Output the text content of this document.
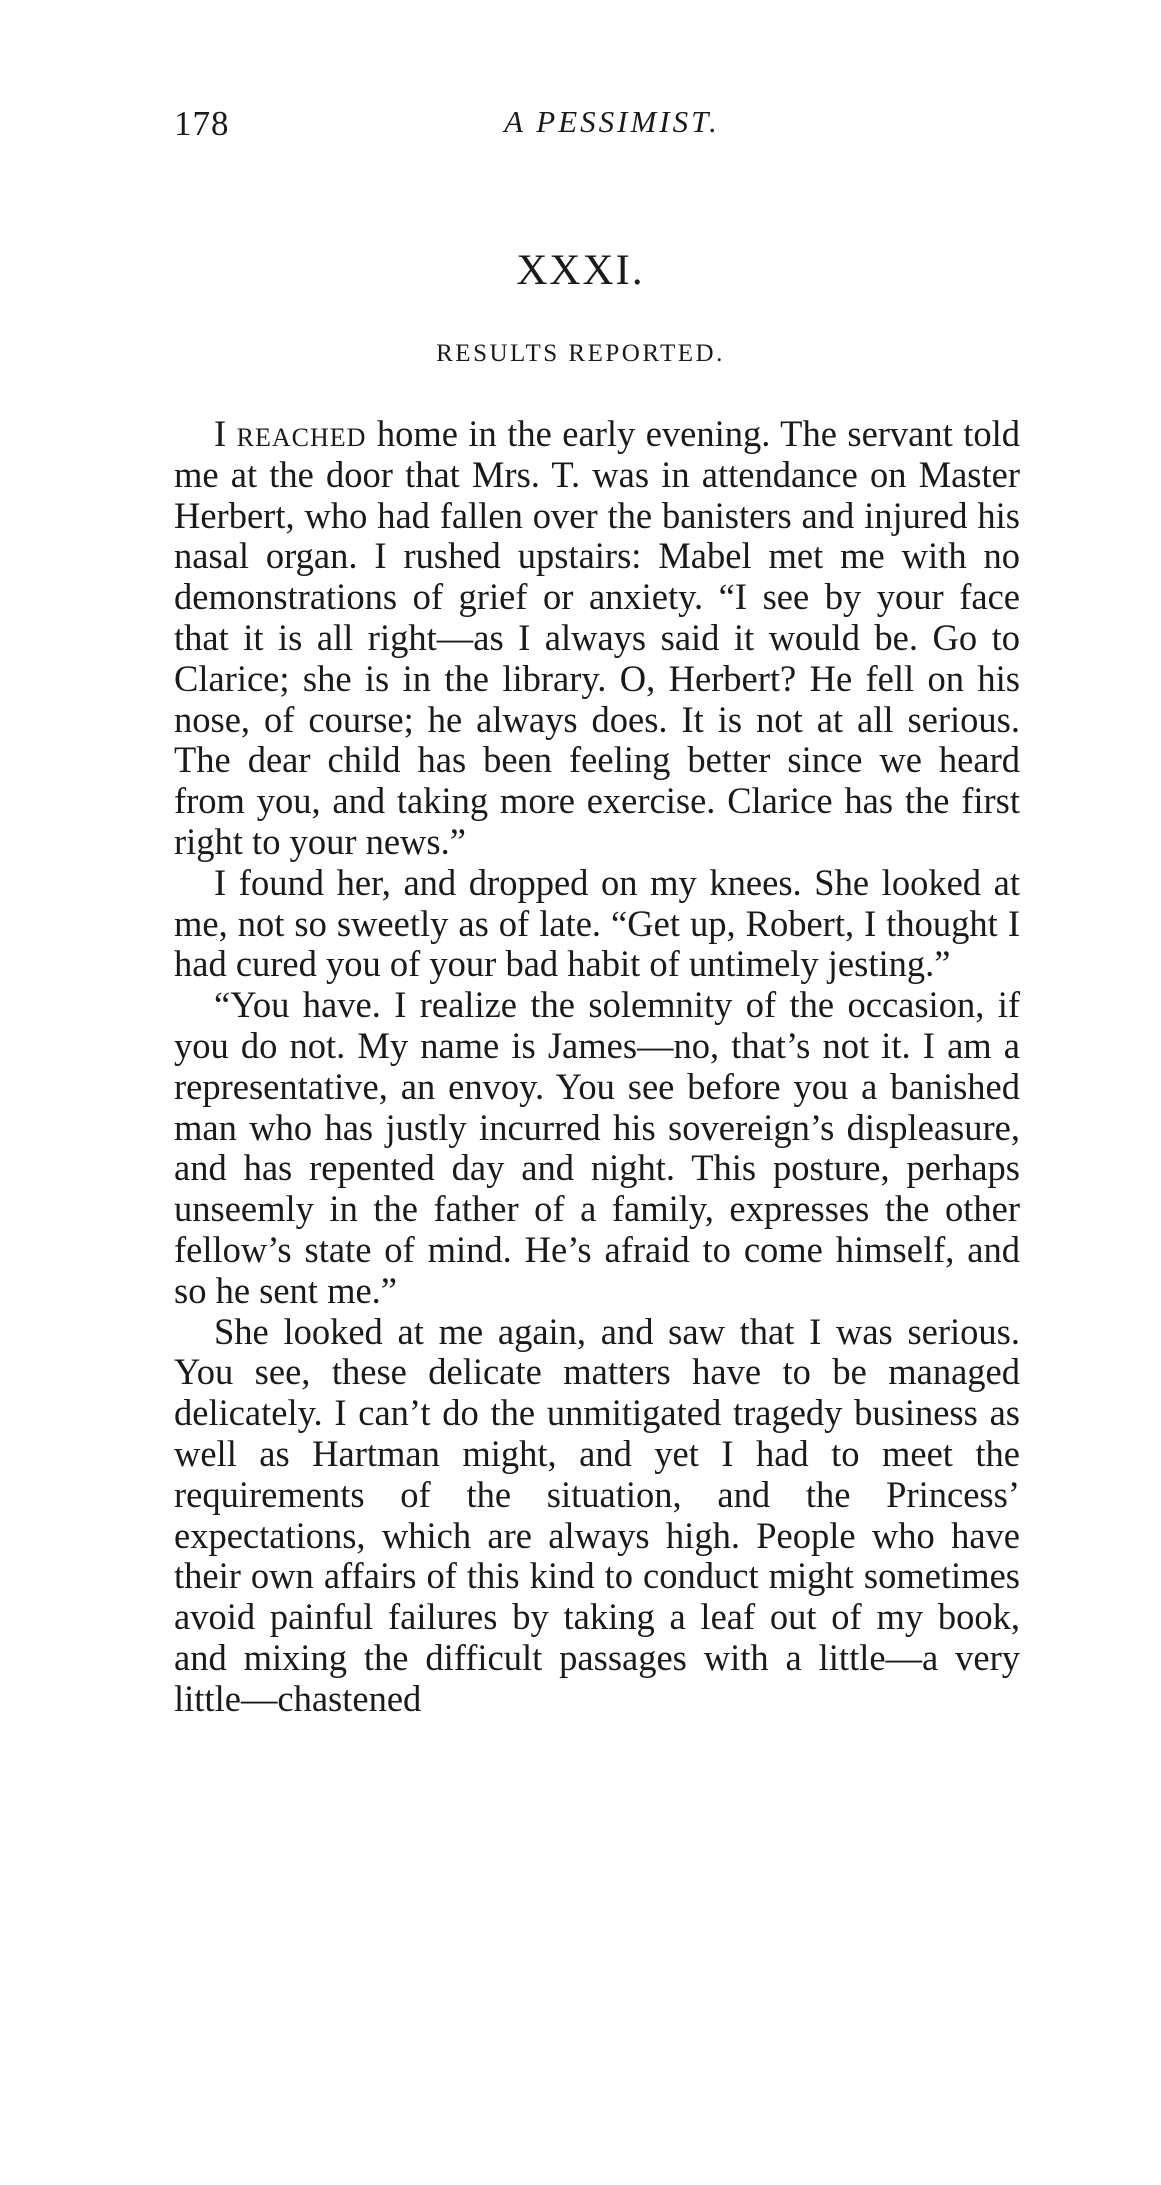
178	A PESSIMIST.
XXXI.
RESULTS REPORTED.

I reached home in the early evening. The servant told me at the door that Mrs. T. was in attendance on Master Herbert, who had fallen over the banisters and injured his nasal organ. I rushed upstairs: Mabel met me with no demonstrations of grief or anxiety. “I see by your face that it is all right—as I always said it would be. Go to Clarice; she is in the library. O, Herbert? He fell on his nose, of course; he always does. It is not at all serious. The dear child has been feeling better since we heard from you, and taking more exercise. Clarice has the first right to your news.”

I found her, and dropped on my knees. She looked at me, not so sweetly as of late. “Get up, Robert, I thought I had cured you of your bad habit of untimely jesting.”

“You have. I realize the solemnity of the occasion, if you do not. My name is James—no, that’s not it. I am a representative, an envoy. You see before you a banished man who has justly incurred his sovereign’s displeasure, and has repented day and night. This posture, perhaps unseemly in the father of a family, expresses the other fellow’s state of mind. He’s afraid to come himself, and so he sent me.”

She looked at me again, and saw that I was serious. You see, these delicate matters have to be managed delicately. I can’t do the unmitigated tragedy business as well as Hartman might, and yet I had to meet the requirements of the situation, and the Princess’ expectations, which are always high. People who have their own affairs of this kind to conduct might sometimes avoid painful failures by taking a leaf out of my book, and mixing the difficult passages with a little—a very little—chastened
